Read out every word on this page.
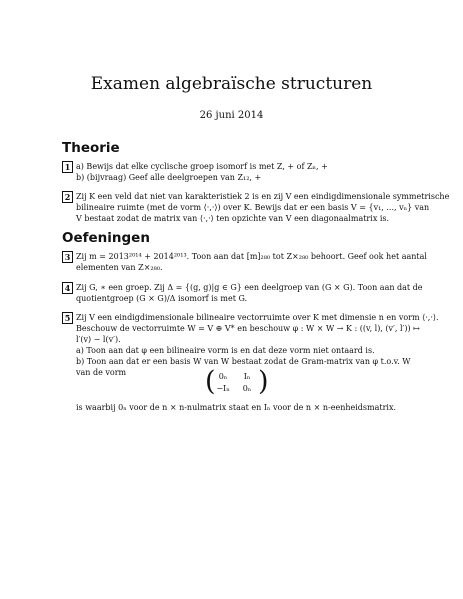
Examen algebraïsche structuren
26 juni 2014
Theorie
1 a) Bewijs dat elke cyclische groep isomorf is met Z, + of Zₙ, +
b) (bijvraag) Geef alle deelgroepen van Z₁₂, +
2 Zij K een veld dat niet van karakteristiek 2 is en zij V een eindigdimensionale symmetrische
bilineaire ruimte (met de vorm ⟨·,·⟩) over K. Bewijs dat er een basis V = {v₁, ..., vₙ} van
V bestaat zodat de matrix van ⟨·,·⟩ ten opzichte van V een diagonaalmatrix is.
Oefeningen
3 Zij m = 2013²⁰¹⁴ + 2014²⁰¹³. Toon aan dat [m]₂₈₀ tot Z×₂₈₀ behoort. Geef ook het aantal
elementen van Z×₂₈₀.
4 Zij G, ∗ een groep. Zij Δ = {(g, g)|g ∈ G} een deelgroep van (G × G). Toon aan dat de
quotientgroep (G × G)/Δ isomorf is met G.
5 Zij V een eindigdimensionale bilineaire vectorruimte over K met dimensie n en vorm ⟨·,·⟩.
Beschouw de vectorruimte W = V ⊕ V* en beschouw φ : W × W → K : ((v, l), (v′, l′)) ↦
l′(v) − l(v′).
a) Toon aan dat φ een bilineaire vorm is en dat deze vorm niet ontaard is.
b) Toon aan dat er een basis W van W bestaat zodat de Gram-matrix van φ t.o.v. W
van de vorm	( 0ₙ	Iₙ
−Iₙ	0ₙ )
is waarbij 0ₙ voor de n × n-nulmatrix staat en Iₙ voor de n × n-eenheidsmatrix.
